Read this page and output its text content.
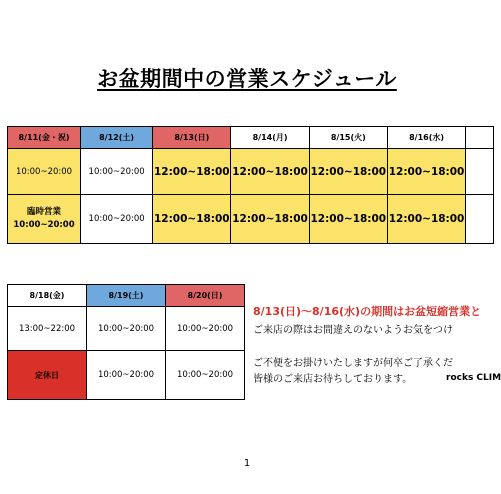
お盆期間中の営業スケジュール
8/11(金・祝)	8/12(土)	8/13(日)	8/14(月)	8/15(火)	8/16(水)	
10:00~20:00	10:00~20:00	12:00~18:00	12:00~18:00	12:00~18:00	12:00~18:00	

臨時営業
10:00~20:00	10:00~20:00	12:00~18:00	12:00~18:00	12:00~18:00	12:00~18:00	
8/18(金)	8/19(土)	8/20(日)	
13:00~22:00	10:00~20:00	10:00~20:00	
定休日	10:00~20:00	10:00~20:00	
8/13(日)〜8/16(水)の期間はお盆短縮営業と
ご来店の際はお間違えのないようお気をつけ
ご不便をお掛けいたしますが何卒ご了承くだ
皆様のご来店お待ちしております。	rocks CLIM
1
